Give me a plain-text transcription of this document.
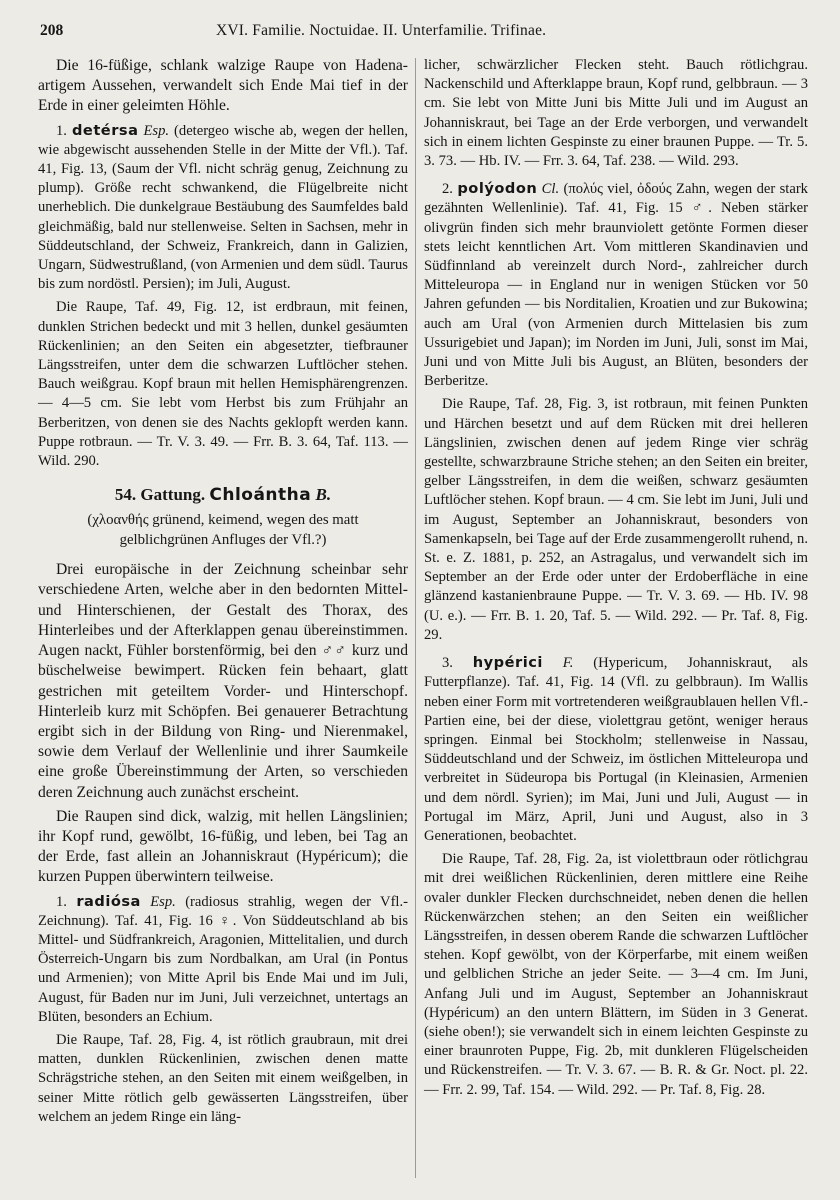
208	XVI. Familie. Noctuidae. II. Unterfamilie. Trifinae.

Die 16-füßige, schlank walzige Raupe von Hadena-artigem Aussehen, verwandelt sich Ende Mai tief in der Erde in einer geleimten Höhle.

1. detérsa Esp. (detergeo wische ab, wegen der hellen, wie abgewischt aussehenden Stelle in der Mitte der Vfl.). Taf. 41, Fig. 13, (Saum der Vfl. nicht schräg genug, Zeichnung zu plump). Größe recht schwankend, die Flügelbreite nicht unerheblich. Die dunkelgraue Bestäubung des Saumfeldes bald gleichmäßig, bald nur stellenweise. Selten in Sachsen, mehr in Süddeutschland, der Schweiz, Frankreich, dann in Galizien, Ungarn, Südwestrußland, (von Armenien und dem südl. Taurus bis zum nordöstl. Persien); im Juli, August.

Die Raupe, Taf. 49, Fig. 12, ist erdbraun, mit feinen, dunklen Strichen bedeckt und mit 3 hellen, dunkel gesäumten Rückenlinien; an den Seiten ein abgesetzter, tiefbrauner Längsstreifen, unter dem die schwarzen Luftlöcher stehen. Bauch weißgrau. Kopf braun mit hellen Hemisphärengrenzen. — 4—5 cm. Sie lebt vom Herbst bis zum Frühjahr an Berberitzen, von denen sie des Nachts geklopft werden kann. Puppe rotbraun. — Tr. V. 3. 49. — Frr. B. 3. 64, Taf. 113. — Wild. 290.

54. Gattung. Chloántha B.

(χλοανθής grünend, keimend, wegen des matt gelblichgrünen Anfluges der Vfl.?)

Drei europäische in der Zeichnung scheinbar sehr verschiedene Arten, welche aber in den bedornten Mittel- und Hinterschienen, der Gestalt des Thorax, des Hinterleibes und der Afterklappen genau übereinstimmen. Augen nackt, Fühler borstenförmig, bei den ♂♂ kurz und büschelweise bewimpert. Rücken fein behaart, glatt gestrichen mit geteiltem Vorder- und Hinterschopf. Hinterleib kurz mit Schöpfen. Bei genauerer Betrachtung ergibt sich in der Bildung von Ring- und Nierenmakel, sowie dem Verlauf der Wellenlinie und ihrer Saumkeile eine große Übereinstimmung der Arten, so verschieden deren Zeichnung auch zunächst erscheint.

Die Raupen sind dick, walzig, mit hellen Längslinien; ihr Kopf rund, gewölbt, 16-füßig, und leben, bei Tag an der Erde, fast allein an Johanniskraut (Hypéricum); die kurzen Puppen überwintern teilweise.

1. radiósa Esp. (radiosus strahlig, wegen der Vfl.-Zeichnung). Taf. 41, Fig. 16 ♀. Von Süddeutschland ab bis Mittel- und Südfrankreich, Aragonien, Mittelitalien, und durch Österreich-Ungarn bis zum Nordbalkan, am Ural (in Pontus und Armenien); von Mitte April bis Ende Mai und im Juli, August, für Baden nur im Juni, Juli verzeichnet, untertags an Blüten, besonders an Echium.

Die Raupe, Taf. 28, Fig. 4, ist rötlich graubraun, mit drei matten, dunklen Rückenlinien, zwischen denen matte Schrägstriche stehen, an den Seiten mit einem weißgelben, in seiner Mitte rötlich gelb gewässerten Längsstreifen, über welchem an jedem Ringe ein läng-

licher, schwärzlicher Flecken steht. Bauch rötlichgrau. Nackenschild und Afterklappe braun, Kopf rund, gelbbraun. — 3 cm. Sie lebt von Mitte Juni bis Mitte Juli und im August an Johanniskraut, bei Tage an der Erde verborgen, und verwandelt sich in einem lichten Gespinste zu einer braunen Puppe. — Tr. 5. 3. 73. — Hb. IV. — Frr. 3. 64, Taf. 238. — Wild. 293.

2. polýodon Cl. (πολύς viel, ὀδούς Zahn, wegen der stark gezähnten Wellenlinie). Taf. 41, Fig. 15 ♂. Neben stärker olivgrün finden sich mehr braunviolett getönte Formen dieser stets leicht kenntlichen Art. Vom mittleren Skandinavien und Südfinnland ab vereinzelt durch Nord-, zahlreicher durch Mitteleuropa — in England nur in wenigen Stücken vor 50 Jahren gefunden — bis Norditalien, Kroatien und zur Bukowina; auch am Ural (von Armenien durch Mittelasien bis zum Ussurigebiet und Japan); im Norden im Juni, Juli, sonst im Mai, Juni und von Mitte Juli bis August, an Blüten, besonders der Berberitze.

Die Raupe, Taf. 28, Fig. 3, ist rotbraun, mit feinen Punkten und Härchen besetzt und auf dem Rücken mit drei helleren Längslinien, zwischen denen auf jedem Ringe vier schräg gestellte, schwarzbraune Striche stehen; an den Seiten ein breiter, gelber Längsstreifen, in dem die weißen, schwarz gesäumten Luftlöcher stehen. Kopf braun. — 4 cm. Sie lebt im Juni, Juli und im August, September an Johanniskraut, besonders von Samenkapseln, bei Tage auf der Erde zusammengerollt ruhend, n. St. e. Z. 1881, p. 252, an Astragalus, und verwandelt sich im September an der Erde oder unter der Erdoberfläche in eine glänzend kastanienbraune Puppe. — Tr. V. 3. 69. — Hb. IV. 98 (U. e.). — Frr. B. 1. 20, Taf. 5. — Wild. 292. — Pr. Taf. 8, Fig. 29.

3. hypérici F. (Hypericum, Johanniskraut, als Futterpflanze). Taf. 41, Fig. 14 (Vfl. zu gelbbraun). Im Wallis neben einer Form mit vortretenderen weißgraublauen hellen Vfl.-Partien eine, bei der diese, violettgrau getönt, weniger heraus springen. Einmal bei Stockholm; stellenweise in Nassau, Süddeutschland und der Schweiz, im östlichen Mitteleuropa und verbreitet in Südeuropa bis Portugal (in Kleinasien, Armenien und dem nördl. Syrien); im Mai, Juni und Juli, August — in Portugal im März, April, Juni und August, also in 3 Generationen, beobachtet.

Die Raupe, Taf. 28, Fig. 2a, ist violettbraun oder rötlichgrau mit drei weißlichen Rückenlinien, deren mittlere eine Reihe ovaler dunkler Flecken durchschneidet, neben denen die hellen Rückenwärzchen stehen; an den Seiten ein weißlicher Längsstreifen, in dessen oberem Rande die schwarzen Luftlöcher stehen. Kopf gewölbt, von der Körperfarbe, mit einem weißen und gelblichen Striche an jeder Seite. — 3—4 cm. Im Juni, Anfang Juli und im August, September an Johanniskraut (Hypéricum) an den untern Blättern, im Süden in 3 Generat. (siehe oben!); sie verwandelt sich in einem leichten Gespinste zu einer braunroten Puppe, Fig. 2b, mit dunkleren Flügelscheiden und Rückenstreifen. — Tr. V. 3. 67. — B. R. & Gr. Noct. pl. 22. — Frr. 2. 99, Taf. 154. — Wild. 292. — Pr. Taf. 8, Fig. 28.
